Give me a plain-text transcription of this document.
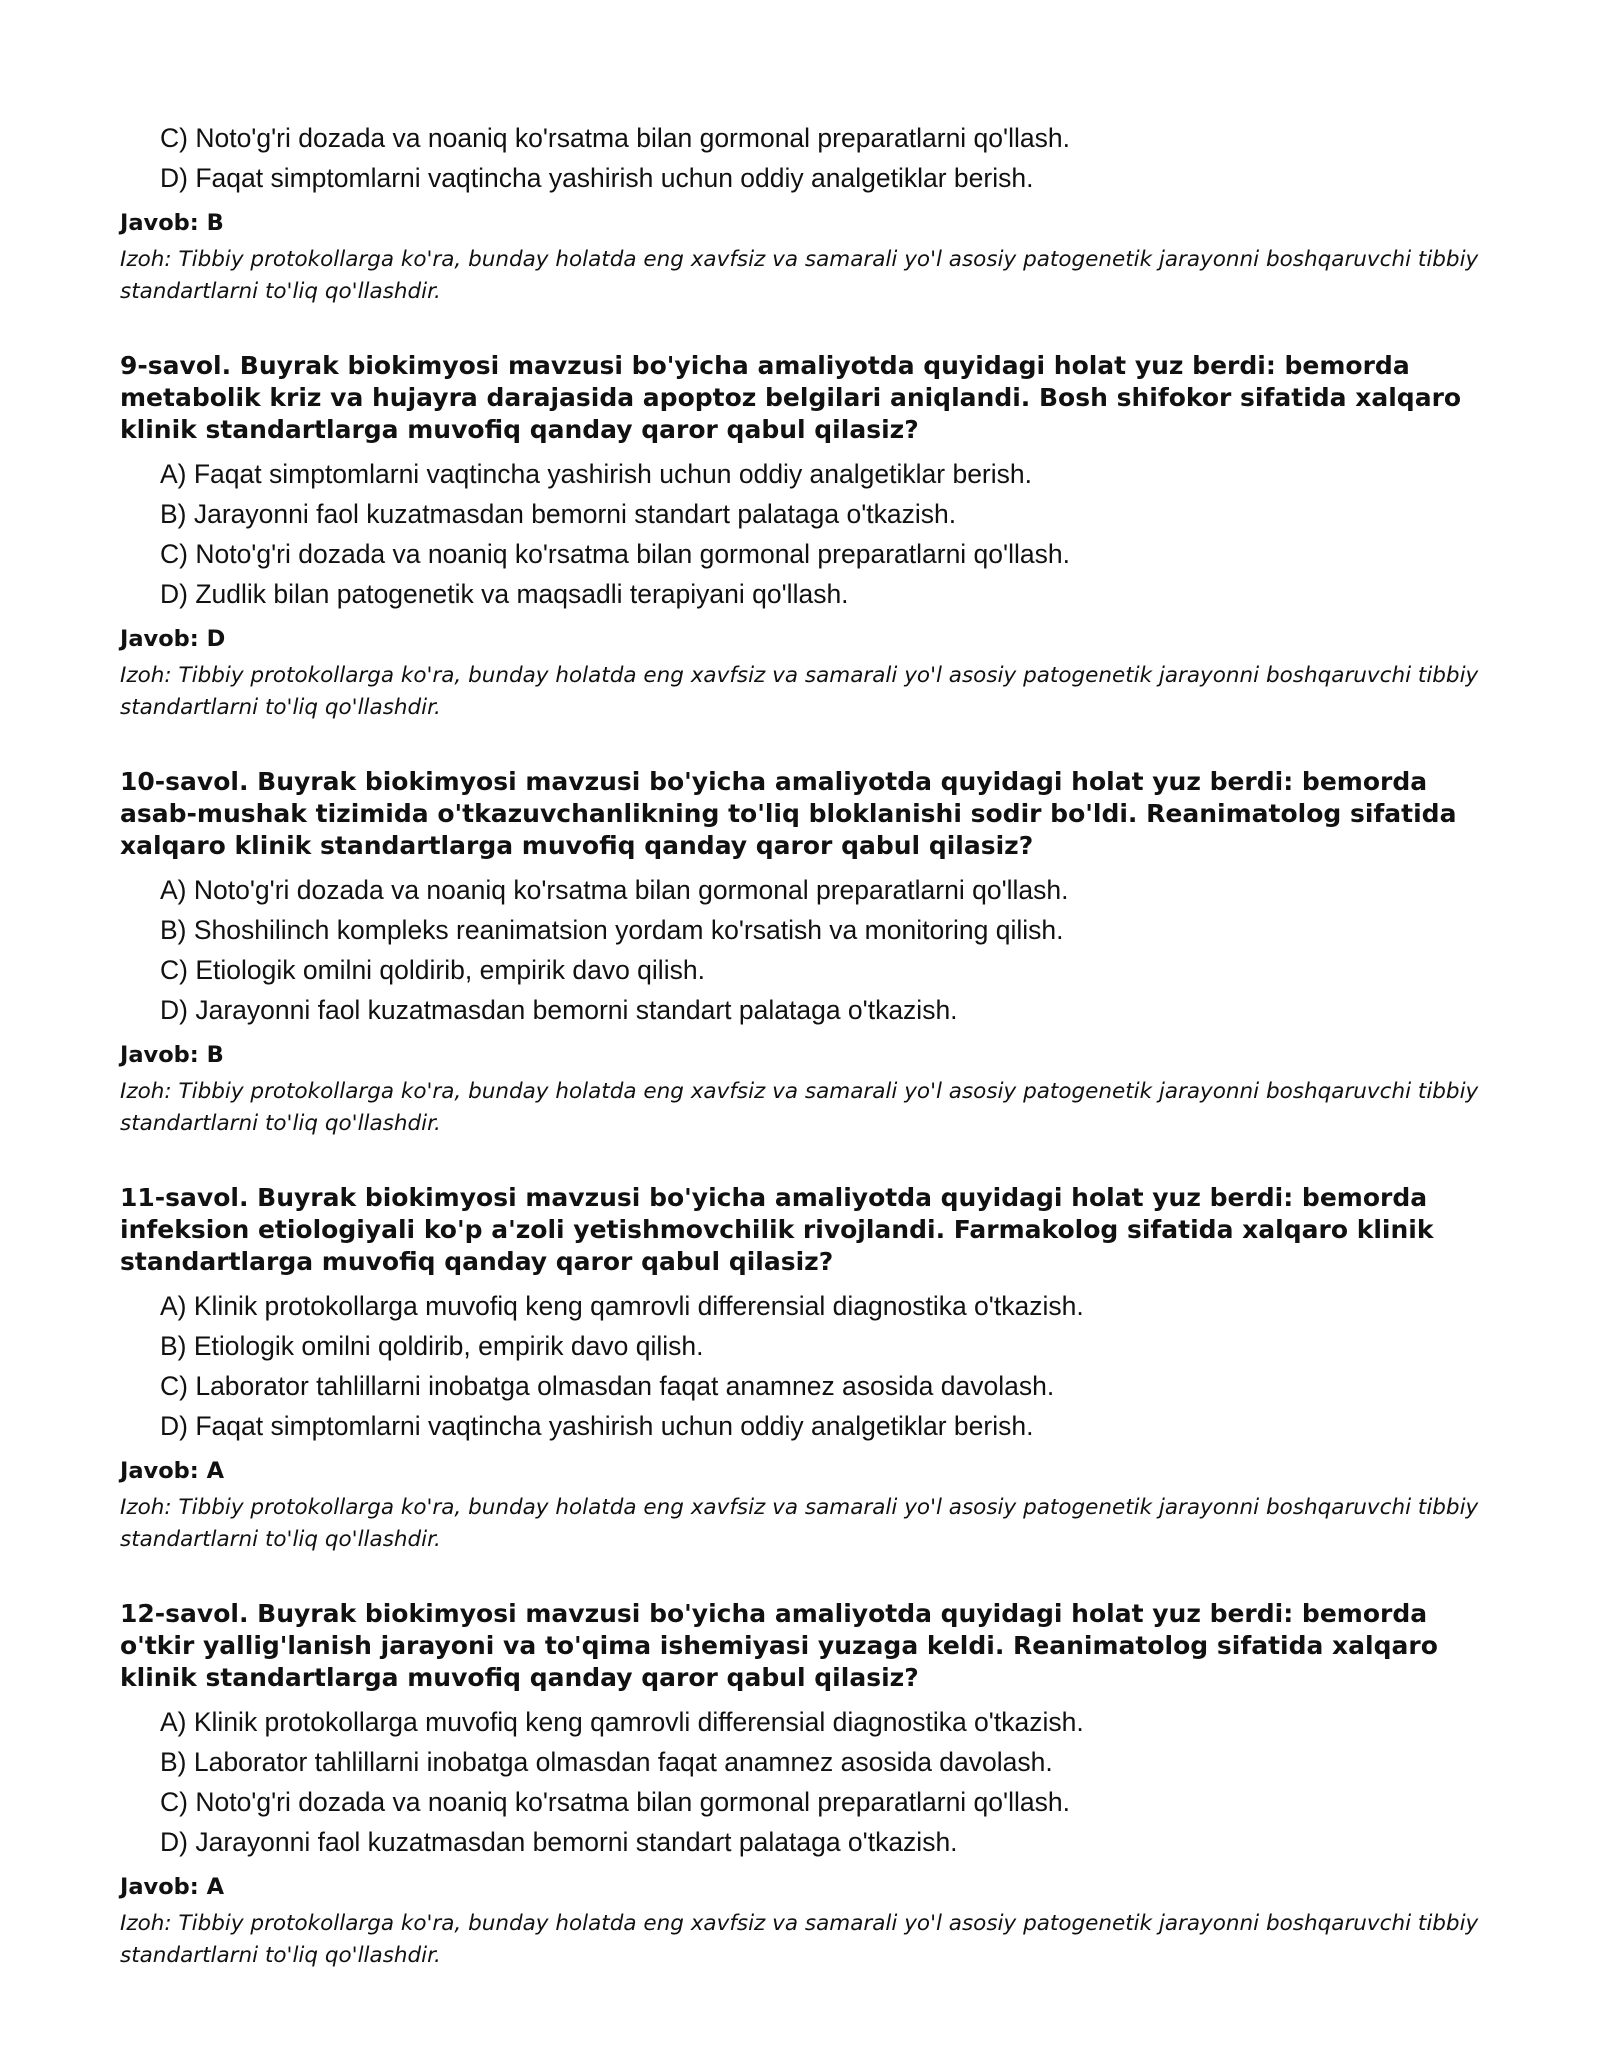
C) Noto'g'ri dozada va noaniq ko'rsatma bilan gormonal preparatlarni qo'llash.
D) Faqat simptomlarni vaqtincha yashirish uchun oddiy analgetiklar berish.
Javob: B
Izoh: Tibbiy protokollarga ko'ra, bunday holatda eng xavfsiz va samarali yo'l asosiy patogenetik jarayonni boshqaruvchi tibbiy standartlarni to'liq qo'llashdir.
9-savol. Buyrak biokimyosi mavzusi bo'yicha amaliyotda quyidagi holat yuz berdi: bemorda metabolik kriz va hujayra darajasida apoptoz belgilari aniqlandi. Bosh shifokor sifatida xalqaro klinik standartlarga muvofiq qanday qaror qabul qilasiz?
A) Faqat simptomlarni vaqtincha yashirish uchun oddiy analgetiklar berish.
B) Jarayonni faol kuzatmasdan bemorni standart palataga o'tkazish.
C) Noto'g'ri dozada va noaniq ko'rsatma bilan gormonal preparatlarni qo'llash.
D) Zudlik bilan patogenetik va maqsadli terapiyani qo'llash.
Javob: D
Izoh: Tibbiy protokollarga ko'ra, bunday holatda eng xavfsiz va samarali yo'l asosiy patogenetik jarayonni boshqaruvchi tibbiy standartlarni to'liq qo'llashdir.
10-savol. Buyrak biokimyosi mavzusi bo'yicha amaliyotda quyidagi holat yuz berdi: bemorda asab-mushak tizimida o'tkazuvchanlikning to'liq bloklanishi sodir bo'ldi. Reanimatolog sifatida xalqaro klinik standartlarga muvofiq qanday qaror qabul qilasiz?
A) Noto'g'ri dozada va noaniq ko'rsatma bilan gormonal preparatlarni qo'llash.
B) Shoshilinch kompleks reanimatsion yordam ko'rsatish va monitoring qilish.
C) Etiologik omilni qoldirib, empirik davo qilish.
D) Jarayonni faol kuzatmasdan bemorni standart palataga o'tkazish.
Javob: B
Izoh: Tibbiy protokollarga ko'ra, bunday holatda eng xavfsiz va samarali yo'l asosiy patogenetik jarayonni boshqaruvchi tibbiy standartlarni to'liq qo'llashdir.
11-savol. Buyrak biokimyosi mavzusi bo'yicha amaliyotda quyidagi holat yuz berdi: bemorda infeksion etiologiyali ko'p a'zoli yetishmovchilik rivojlandi. Farmakolog sifatida xalqaro klinik standartlarga muvofiq qanday qaror qabul qilasiz?
A) Klinik protokollarga muvofiq keng qamrovli differensial diagnostika o'tkazish.
B) Etiologik omilni qoldirib, empirik davo qilish.
C) Laborator tahlillarni inobatga olmasdan faqat anamnez asosida davolash.
D) Faqat simptomlarni vaqtincha yashirish uchun oddiy analgetiklar berish.
Javob: A
Izoh: Tibbiy protokollarga ko'ra, bunday holatda eng xavfsiz va samarali yo'l asosiy patogenetik jarayonni boshqaruvchi tibbiy standartlarni to'liq qo'llashdir.
12-savol. Buyrak biokimyosi mavzusi bo'yicha amaliyotda quyidagi holat yuz berdi: bemorda o'tkir yallig'lanish jarayoni va to'qima ishemiyasi yuzaga keldi. Reanimatolog sifatida xalqaro klinik standartlarga muvofiq qanday qaror qabul qilasiz?
A) Klinik protokollarga muvofiq keng qamrovli differensial diagnostika o'tkazish.
B) Laborator tahlillarni inobatga olmasdan faqat anamnez asosida davolash.
C) Noto'g'ri dozada va noaniq ko'rsatma bilan gormonal preparatlarni qo'llash.
D) Jarayonni faol kuzatmasdan bemorni standart palataga o'tkazish.
Javob: A
Izoh: Tibbiy protokollarga ko'ra, bunday holatda eng xavfsiz va samarali yo'l asosiy patogenetik jarayonni boshqaruvchi tibbiy standartlarni to'liq qo'llashdir.
